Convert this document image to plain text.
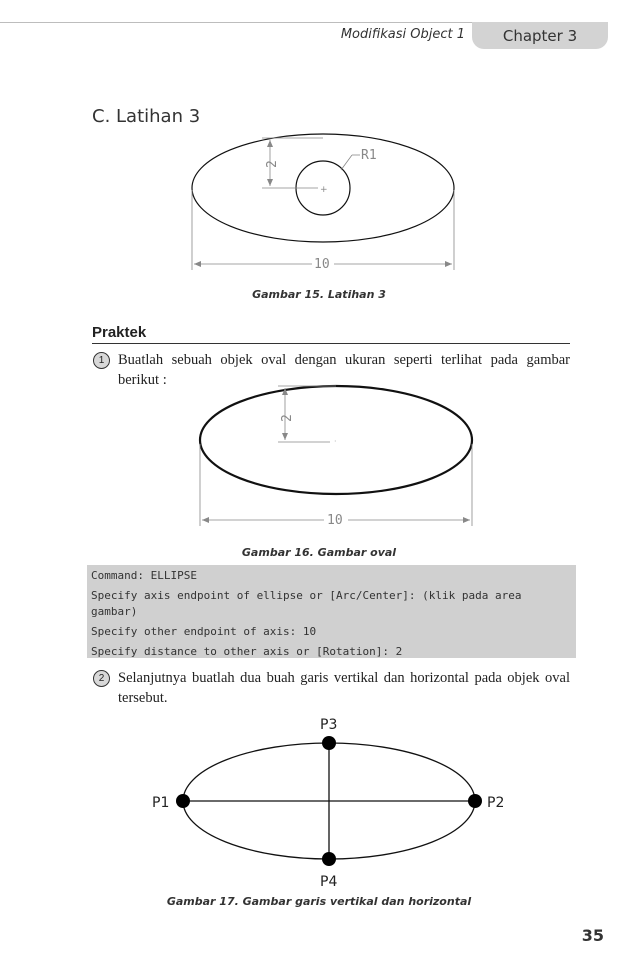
Modifikasi Object 1	Chapter 3
C. Latihan 3
+
2
R1
10
Gambar 15. Latihan 3
Praktek
1 Buatlah sebuah objek oval dengan ukuran seperti terlihat pada gambar berikut :
2
·
10
Gambar 16. Gambar oval
Command: ELLIPSE
Specify axis endpoint of ellipse or [Arc/Center]: (klik pada area gambar)
Specify other endpoint of axis: 10
Specify distance to other axis or [Rotation]: 2
2 Selanjutnya buatlah dua buah garis vertikal dan horizontal pada objek oval tersebut.
P1	P2
P3
P4
Gambar 17. Gambar garis vertikal dan horizontal
35
